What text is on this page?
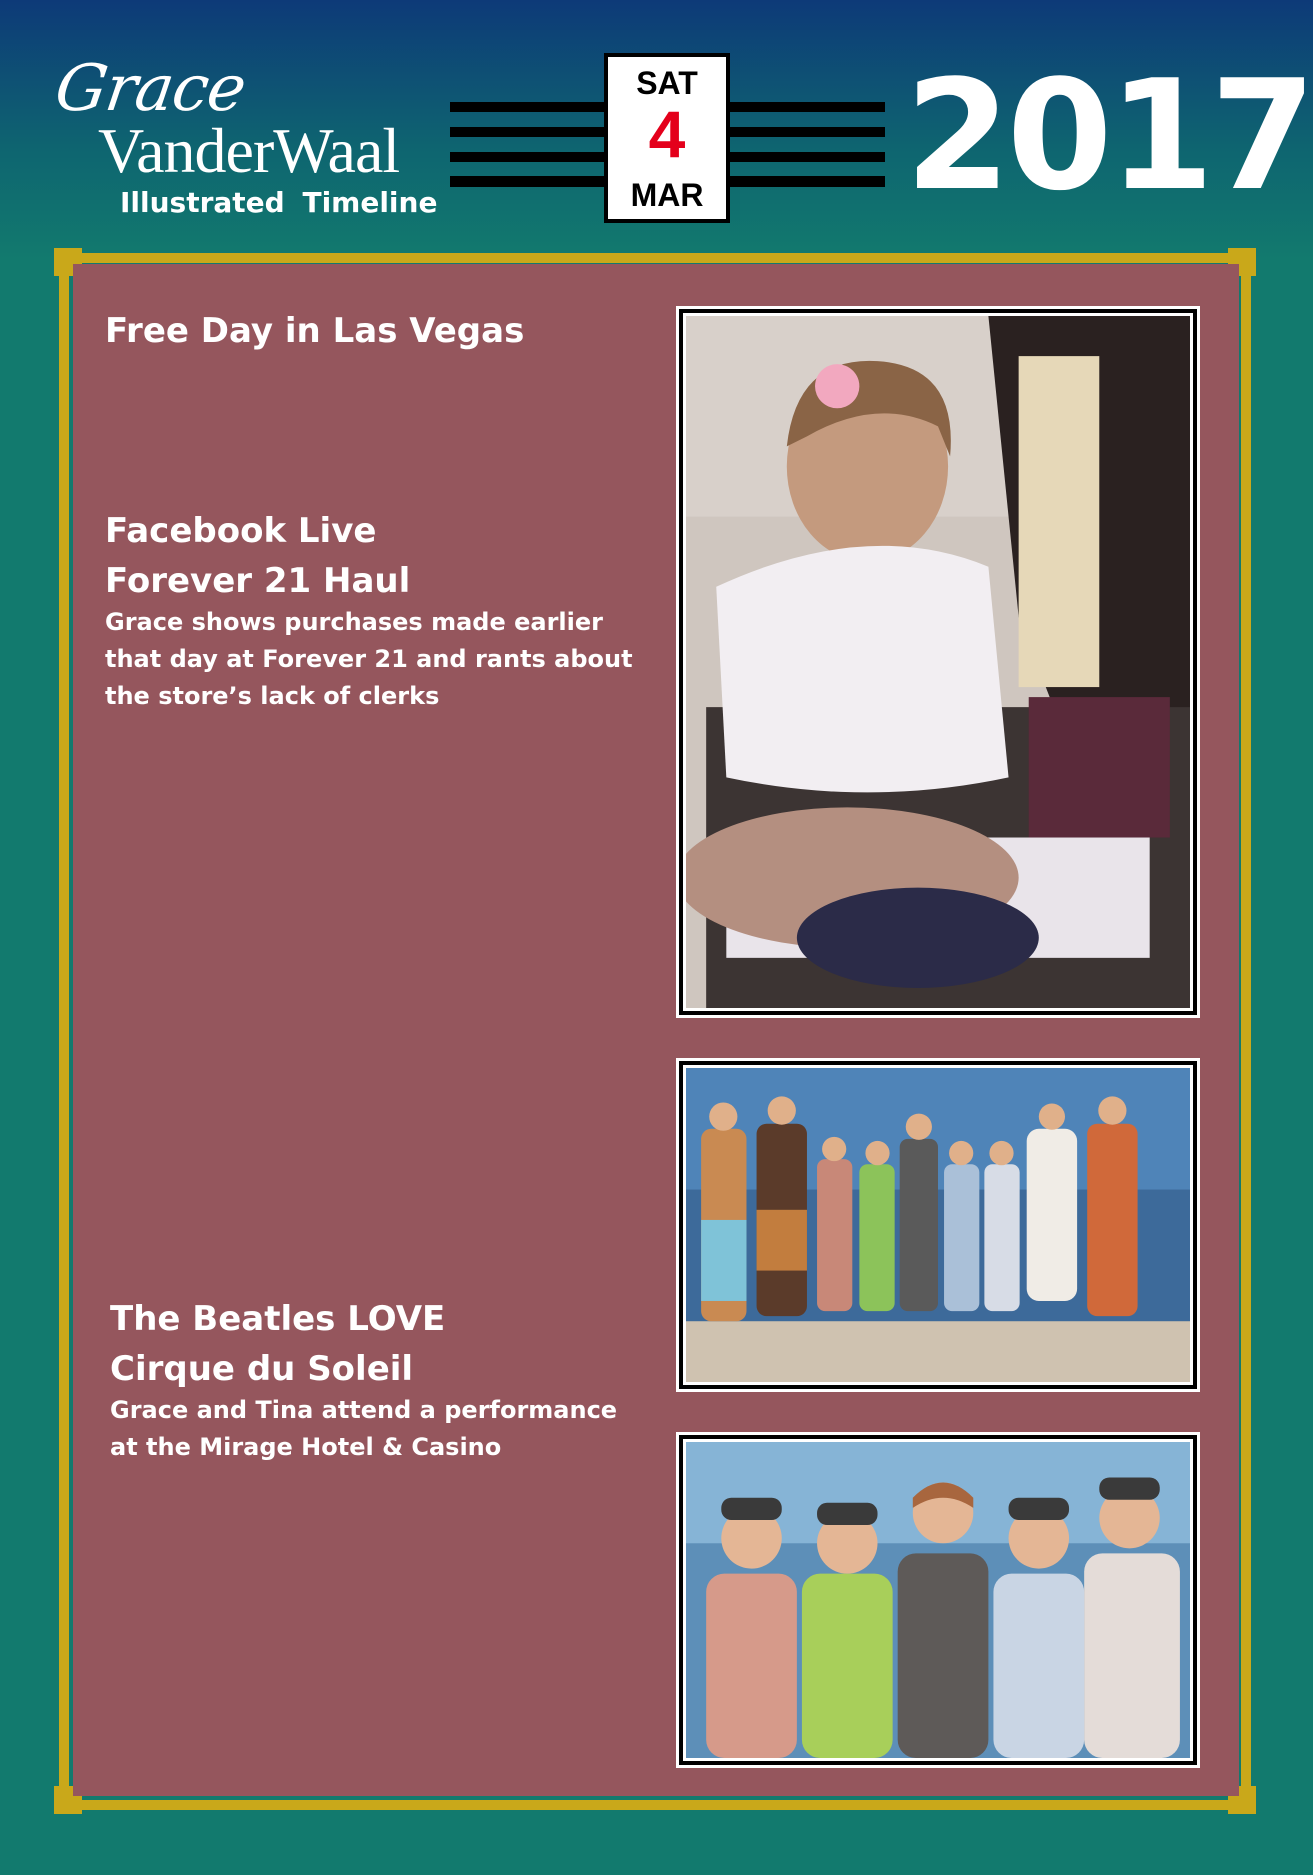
Grace
VanderWaal
Illustrated Timeline
SAT
4
MAR 2017
Free Day in Las Vegas
Facebook Live
Forever 21 Haul
Grace shows purchases made earlier
that day at Forever 21 and rants about
the store’s lack of clerks
The Beatles LOVE
Cirque du Soleil
Grace and Tina attend a performance
at the Mirage Hotel & Casino
